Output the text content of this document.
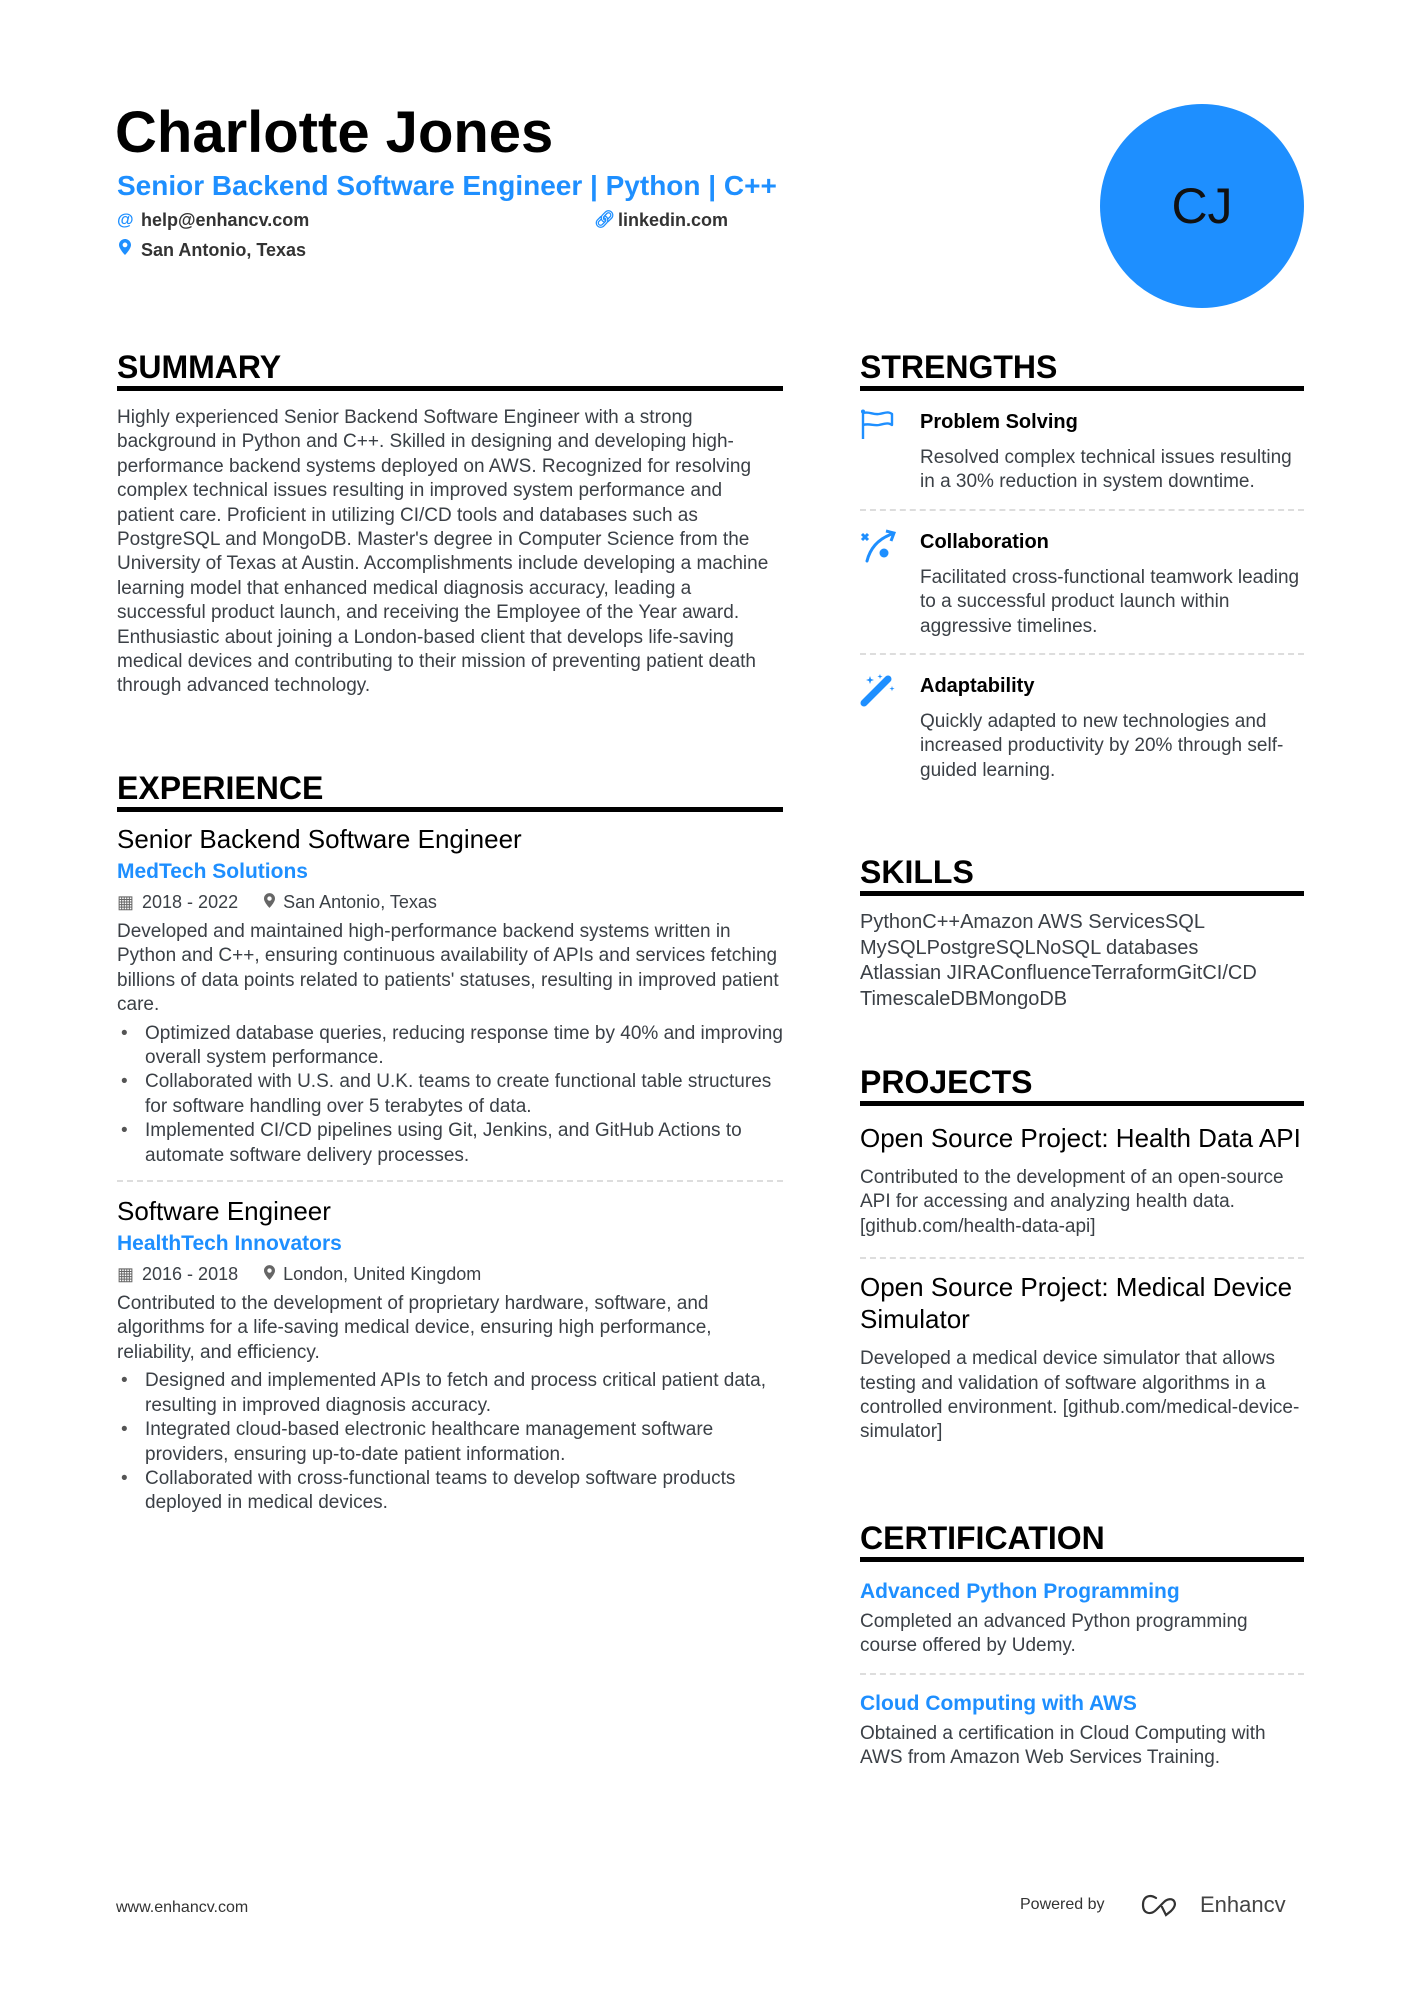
Charlotte Jones
Senior Backend Software Engineer | Python | C++
@ help@enhancv.com	🔗︎ linkedin.com
San Antonio, Texas
CJ
SUMMARY
Highly experienced Senior Backend Software Engineer with a strong background in Python and C++. Skilled in designing and developing high-performance backend systems deployed on AWS. Recognized for resolving complex technical issues resulting in improved system performance and patient care. Proficient in utilizing CI/CD tools and databases such as PostgreSQL and MongoDB. Master's degree in Computer Science from the University of Texas at Austin. Accomplishments include developing a machine learning model that enhanced medical diagnosis accuracy, leading a successful product launch, and receiving the Employee of the Year award. Enthusiastic about joining a London-based client that develops life-saving medical devices and contributing to their mission of preventing patient death through advanced technology.
EXPERIENCE
Senior Backend Software Engineer
MedTech Solutions
▦ 2018 - 2022	San Antonio, Texas
Developed and maintained high-performance backend systems written in Python and C++, ensuring continuous availability of APIs and services fetching billions of data points related to patients' statuses, resulting in improved patient care.
• Optimized database queries, reducing response time by 40% and improving overall system performance.
• Collaborated with U.S. and U.K. teams to create functional table structures for software handling over 5 terabytes of data.
• Implemented CI/CD pipelines using Git, Jenkins, and GitHub Actions to automate software delivery processes.
Software Engineer
HealthTech Innovators
▦ 2016 - 2018	London, United Kingdom
Contributed to the development of proprietary hardware, software, and algorithms for a life-saving medical device, ensuring high performance, reliability, and efficiency.
• Designed and implemented APIs to fetch and process critical patient data, resulting in improved diagnosis accuracy.
• Integrated cloud-based electronic healthcare management software providers, ensuring up-to-date patient information.
• Collaborated with cross-functional teams to develop software products deployed in medical devices.
STRENGTHS
Problem Solving
Resolved complex technical issues resulting in a 30% reduction in system downtime.
Collaboration
Facilitated cross-functional teamwork leading to a successful product launch within aggressive timelines.
Adaptability
Quickly adapted to new technologies and increased productivity by 20% through self-guided learning.
SKILLS
PythonC++Amazon AWS ServicesSQL
MySQLPostgreSQLNoSQL databases
Atlassian JIRAConfluenceTerraformGitCI/CD
TimescaleDBMongoDB
PROJECTS
Open Source Project: Health Data API
Contributed to the development of an open-source API for accessing and analyzing health data. [github.com/health-data-api]
Open Source Project: Medical Device Simulator
Developed a medical device simulator that allows testing and validation of software algorithms in a controlled environment. [github.com/medical-device-simulator]
CERTIFICATION
Advanced Python Programming
Completed an advanced Python programming course offered by Udemy.
Cloud Computing with AWS
Obtained a certification in Cloud Computing with AWS from Amazon Web Services Training.
www.enhancv.com	Powered by	Enhancv
